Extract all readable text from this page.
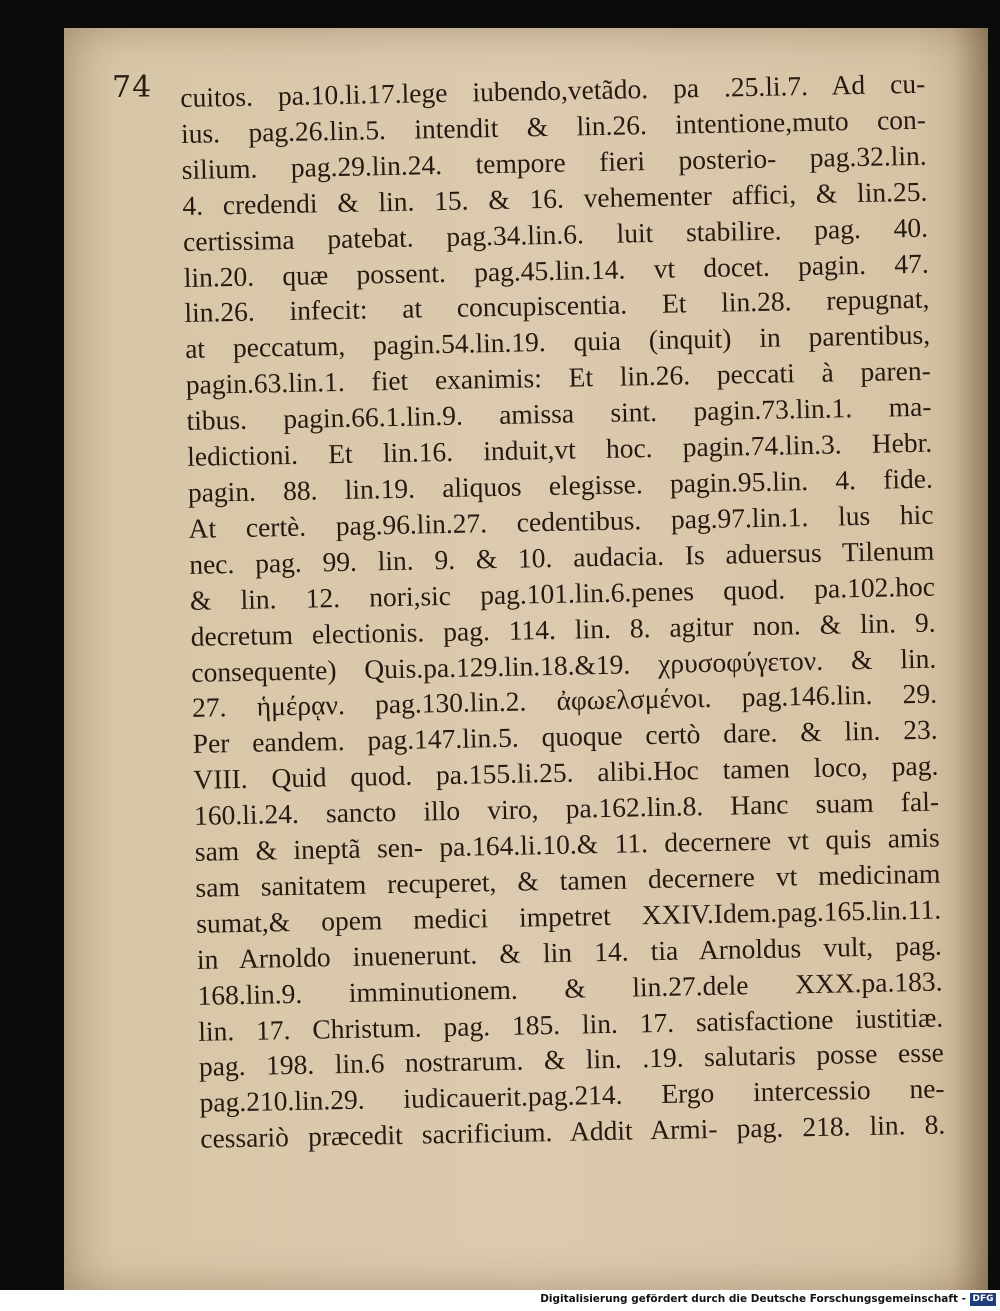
74 cuitos. pa.10.li.17.lege iubendo,vetãdo. pa .25.li.7. Ad cu-
ius. pag.26.lin.5. intendit & lin.26. intentione,muto con-
silium. pag.29.lin.24. tempore fieri posterio- pag.32.lin.
4. credendi & lin. 15. & 16. vehementer affici, & lin.25.
certissima patebat. pag.34.lin.6. luit stabilire. pag. 40.
lin.20. quæ possent. pag.45.lin.14. vt docet. pagin. 47.
lin.26. infecit: at concupiscentia. Et lin.28. repugnat,
at peccatum, pagin.54.lin.19. quia (inquit) in parentibus,
pagin.63.lin.1. fiet exanimis: Et lin.26. peccati à paren-
tibus. pagin.66.1.lin.9. amissa sint. pagin.73.lin.1. ma-
ledictioni. Et lin.16. induit,vt hoc. pagin.74.lin.3. Hebr.
pagin. 88. lin.19. aliquos elegisse. pagin.95.lin. 4. fide.
At certè. pag.96.lin.27. cedentibus. pag.97.lin.1. lus hic
nec. pag. 99. lin. 9. & 10. audacia. Is aduersus Tilenum
& lin. 12. nori,sic pag.101.lin.6.penes quod. pa.102.hoc
decretum electionis. pag. 114. lin. 8. agitur non. & lin. 9.
consequente) Quis.pa.129.lin.18.&19. χρυσοφύγετον. & lin.
27. ἡμέρᾳν. pag.130.lin.2. ἀφωελσμένοι. pag.146.lin. 29.
Per eandem. pag.147.lin.5. quoque certò dare. & lin. 23.
VIII. Quid quod. pa.155.li.25. alibi.Hoc tamen loco, pag.
160.li.24. sancto illo viro, pa.162.lin.8. Hanc suam fal-
sam & ineptã sen- pa.164.li.10.& 11. decernere vt quis amis
sam sanitatem recuperet, & tamen decernere vt medicinam
sumat,& opem medici impetret XXIV.Idem.pag.165.lin.11.
in Arnoldo inuenerunt. & lin 14. tia Arnoldus vult, pag.
168.lin.9. imminutionem. & lin.27.dele XXX.pa.183.
lin. 17. Christum. pag. 185. lin. 17. satisfactione iustitiæ.
pag. 198. lin.6 nostrarum. & lin. .19. salutaris posse esse
pag.210.lin.29. iudicauerit.pag.214. Ergo intercessio ne-
cessariò præcedit sacrificium. Addit Armi- pag. 218. lin. 8.
Digitalisierung gefördert durch die Deutsche Forschungsgemeinschaft - DFG
